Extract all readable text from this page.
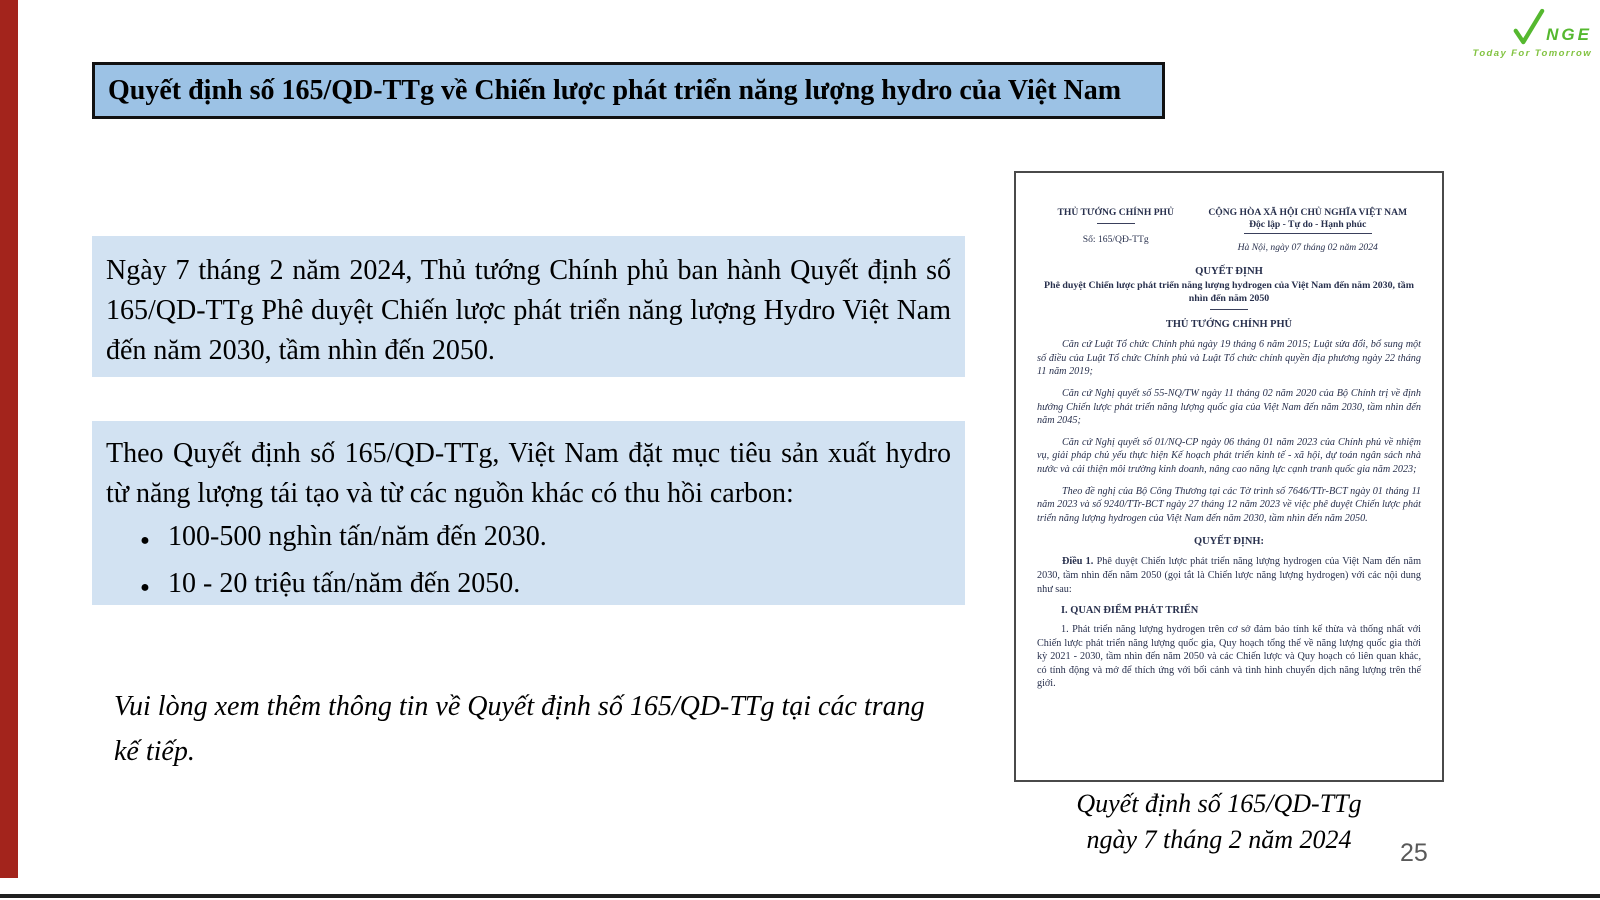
NGE
Today For Tomorrow
Quyết định số 165/QD-TTg về Chiến lược phát triển năng lượng hydro của Việt Nam

Ngày 7 tháng 2 năm 2024, Thủ tướng Chính phủ ban hành Quyết định số 165/QD-TTg Phê duyệt Chiến lược phát triển năng lượng Hydro Việt Nam đến năm 2030, tầm nhìn đến 2050.

Theo Quyết định số 165/QD-TTg, Việt Nam đặt mục tiêu sản xuất hydro từ năng lượng tái tạo và từ các nguồn khác có thu hồi carbon:

● 100-500 nghìn tấn/năm đến 2030.
● 10 - 20 triệu tấn/năm đến 2050.
Vui lòng xem thêm thông tin về Quyết định số 165/QD-TTg tại các trang kế tiếp.
THỦ TƯỚNG CHÍNH PHỦ
Số: 165/QĐ-TTg
CỘNG HÒA XÃ HỘI CHỦ NGHĨA VIỆT NAM
Độc lập - Tự do - Hạnh phúc
Hà Nội, ngày 07 tháng 02 năm 2024
QUYẾT ĐỊNH
Phê duyệt Chiến lược phát triển năng lượng hydrogen của Việt Nam đến năm 2030, tầm nhìn đến năm 2050
THỦ TƯỚNG CHÍNH PHỦ

Căn cứ Luật Tổ chức Chính phủ ngày 19 tháng 6 năm 2015; Luật sửa đổi, bổ sung một số điều của Luật Tổ chức Chính phủ và Luật Tổ chức chính quyền địa phương ngày 22 tháng 11 năm 2019;

Căn cứ Nghị quyết số 55-NQ/TW ngày 11 tháng 02 năm 2020 của Bộ Chính trị về định hướng Chiến lược phát triển năng lượng quốc gia của Việt Nam đến năm 2030, tầm nhìn đến năm 2045;

Căn cứ Nghị quyết số 01/NQ-CP ngày 06 tháng 01 năm 2023 của Chính phủ về nhiệm vụ, giải pháp chủ yếu thực hiện Kế hoạch phát triển kinh tế - xã hội, dự toán ngân sách nhà nước và cải thiện môi trường kinh doanh, nâng cao năng lực cạnh tranh quốc gia năm 2023;

Theo đề nghị của Bộ Công Thương tại các Tờ trình số 7646/TTr-BCT ngày 01 tháng 11 năm 2023 và số 9240/TTr-BCT ngày 27 tháng 12 năm 2023 về việc phê duyệt Chiến lược phát triển năng lượng hydrogen của Việt Nam đến năm 2030, tầm nhìn đến năm 2050.

QUYẾT ĐỊNH:

Điều 1. Phê duyệt Chiến lược phát triển năng lượng hydrogen của Việt Nam đến năm 2030, tầm nhìn đến năm 2050 (gọi tắt là Chiến lược năng lượng hydrogen) với các nội dung như sau:

I. QUAN ĐIỂM PHÁT TRIỂN

1. Phát triển năng lượng hydrogen trên cơ sở đảm bảo tính kế thừa và thống nhất với Chiến lược phát triển năng lượng quốc gia, Quy hoạch tổng thể về năng lượng quốc gia thời kỳ 2021 - 2030, tầm nhìn đến năm 2050 và các Chiến lược và Quy hoạch có liên quan khác, có tính động và mở để thích ứng với bối cảnh và tình hình chuyển dịch năng lượng trên thế giới.

Quyết định số 165/QD-TTg
ngày 7 tháng 2 năm 2024	25
